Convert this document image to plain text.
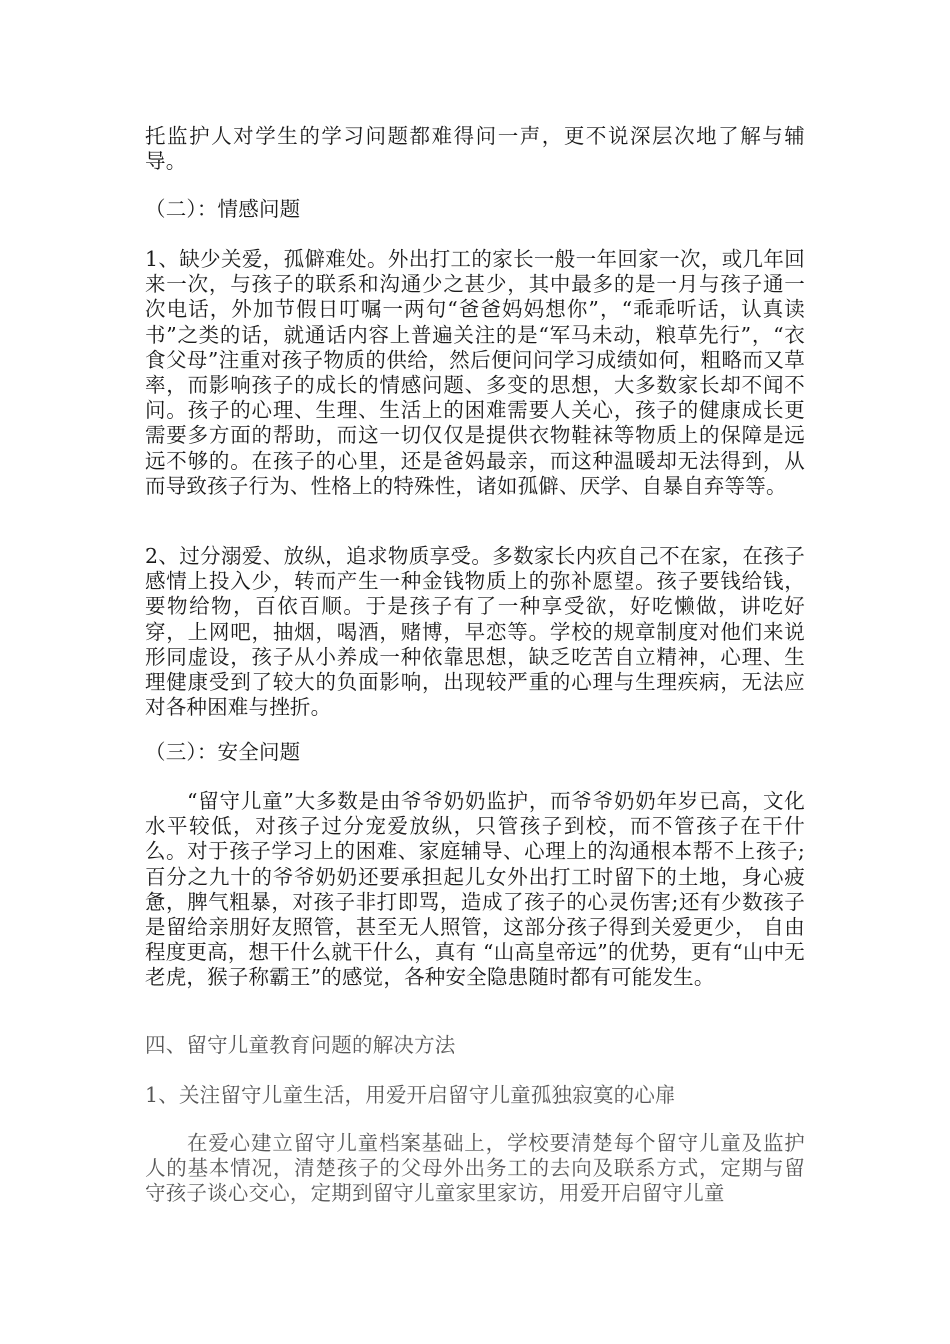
托监护人对学生的学习问题都难得问一声，更不说深层次地了解与辅导。

（二）：情感问题

1、缺少关爱，孤僻难处。外出打工的家长一般一年回家一次，或几年回来一次，与孩子的联系和沟通少之甚少，其中最多的是一月与孩子通一次电话，外加节假日叮嘱一两句“爸爸妈妈想你”，“乖乖听话，认真读书”之类的话，就通话内容上普遍关注的是“军马未动，粮草先行”，“衣食父母”注重对孩子物质的供给，然后便问问学习成绩如何，粗略而又草率，而影响孩子的成长的情感问题、多变的思想，大多数家长却不闻不问。孩子的心理、生理、生活上的困难需要人关心，孩子的健康成长更需要多方面的帮助，而这一切仅仅是提供衣物鞋袜等物质上的保障是远远不够的。在孩子的心里，还是爸妈最亲，而这种温暖却无法得到，从而导致孩子行为、性格上的特殊性，诸如孤僻、厌学、自暴自弃等等。

2、过分溺爱、放纵，追求物质享受。多数家长内疚自己不在家，在孩子感情上投入少，转而产生一种金钱物质上的弥补愿望。孩子要钱给钱，要物给物，百依百顺。于是孩子有了一种享受欲，好吃懒做，讲吃好穿，上网吧，抽烟，喝酒，赌博，早恋等。学校的规章制度对他们来说形同虚设，孩子从小养成一种依靠思想，缺乏吃苦自立精神，心理、生理健康受到了较大的负面影响，出现较严重的心理与生理疾病，无法应对各种困难与挫折。

（三）：安全问题

“留守儿童”大多数是由爷爷奶奶监护，而爷爷奶奶年岁已高，文化水平较低，对孩子过分宠爱放纵，只管孩子到校，而不管孩子在干什么。对于孩子学习上的困难、家庭辅导、心理上的沟通根本帮不上孩子;百分之九十的爷爷奶奶还要承担起儿女外出打工时留下的土地，身心疲惫，脾气粗暴，对孩子非打即骂，造成了孩子的心灵伤害;还有少数孩子是留给亲朋好友照管，甚至无人照管，这部分孩子得到关爱更少， 自由程度更高，想干什么就干什么，真有 “山高皇帝远”的优势，更有“山中无老虎，猴子称霸王”的感觉，各种安全隐患随时都有可能发生。

四、留守儿童教育问题的解决方法

1、关注留守儿童生活，用爱开启留守儿童孤独寂寞的心扉

在爱心建立留守儿童档案基础上，学校要清楚每个留守儿童及监护人的基本情况，清楚孩子的父母外出务工的去向及联系方式，定期与留守孩子谈心交心，定期到留守儿童家里家访，用爱开启留守儿童
